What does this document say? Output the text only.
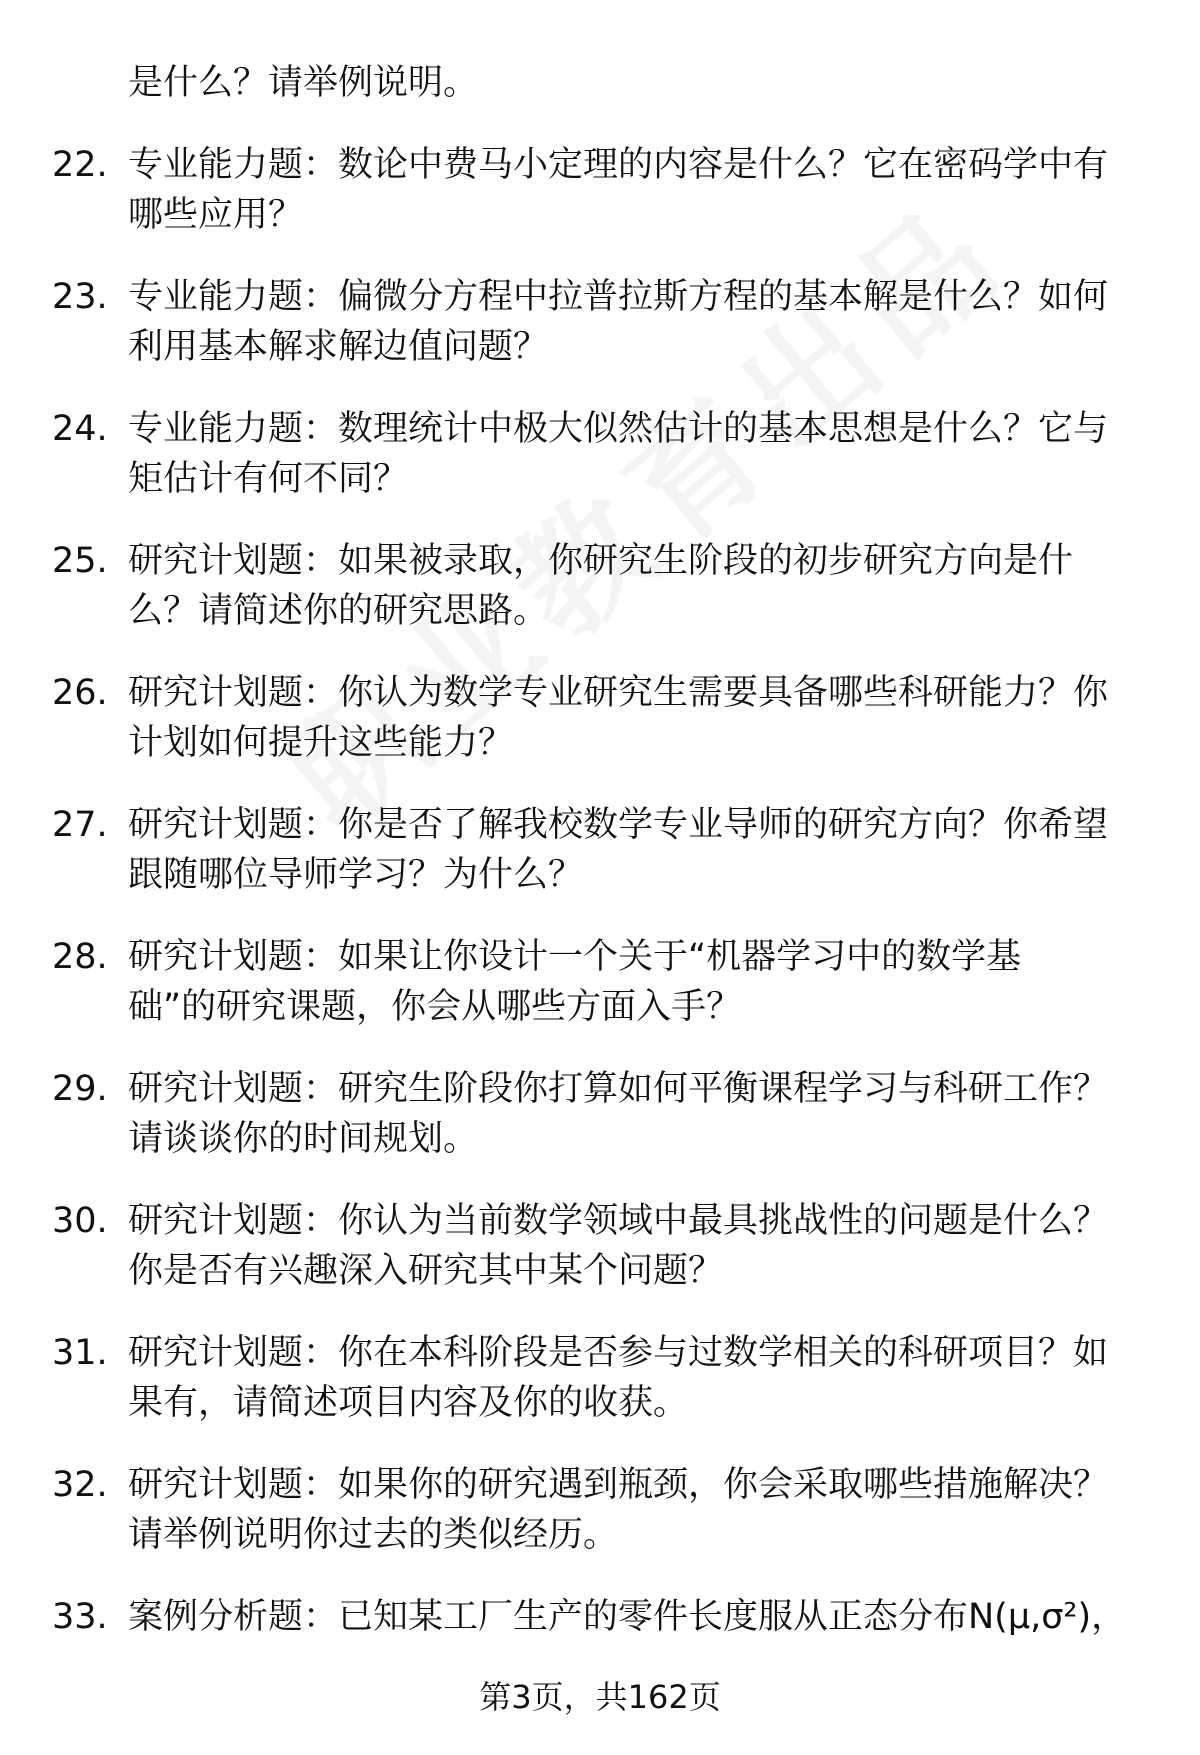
是什么？请举例说明。

22. 专业能力题：数论中费马小定理的内容是什么？它在密码学中有
哪些应用？
23. 专业能力题：偏微分方程中拉普拉斯方程的基本解是什么？如何
利用基本解求解边值问题？
24. 专业能力题：数理统计中极大似然估计的基本思想是什么？它与
矩估计有何不同？
25. 研究计划题：如果被录取，你研究生阶段的初步研究方向是什
么？请简述你的研究思路。
26. 研究计划题：你认为数学专业研究生需要具备哪些科研能力？你
计划如何提升这些能力？
27. 研究计划题：你是否了解我校数学专业导师的研究方向？你希望
跟随哪位导师学习？为什么？
28. 研究计划题：如果让你设计一个关于“机器学习中的数学基
础”的研究课题，你会从哪些方面入手？
29. 研究计划题：研究生阶段你打算如何平衡课程学习与科研工作？
请谈谈你的时间规划。
30. 研究计划题：你认为当前数学领域中最具挑战性的问题是什么？
你是否有兴趣深入研究其中某个问题？
31. 研究计划题：你在本科阶段是否参与过数学相关的科研项目？如
果有，请简述项目内容及你的收获。
32. 研究计划题：如果你的研究遇到瓶颈，你会采取哪些措施解决？
请举例说明你过去的类似经历。
33. 案例分析题：已知某工厂生产的零件长度服从正态分布N(μ,σ²)，
第3页，共162页
